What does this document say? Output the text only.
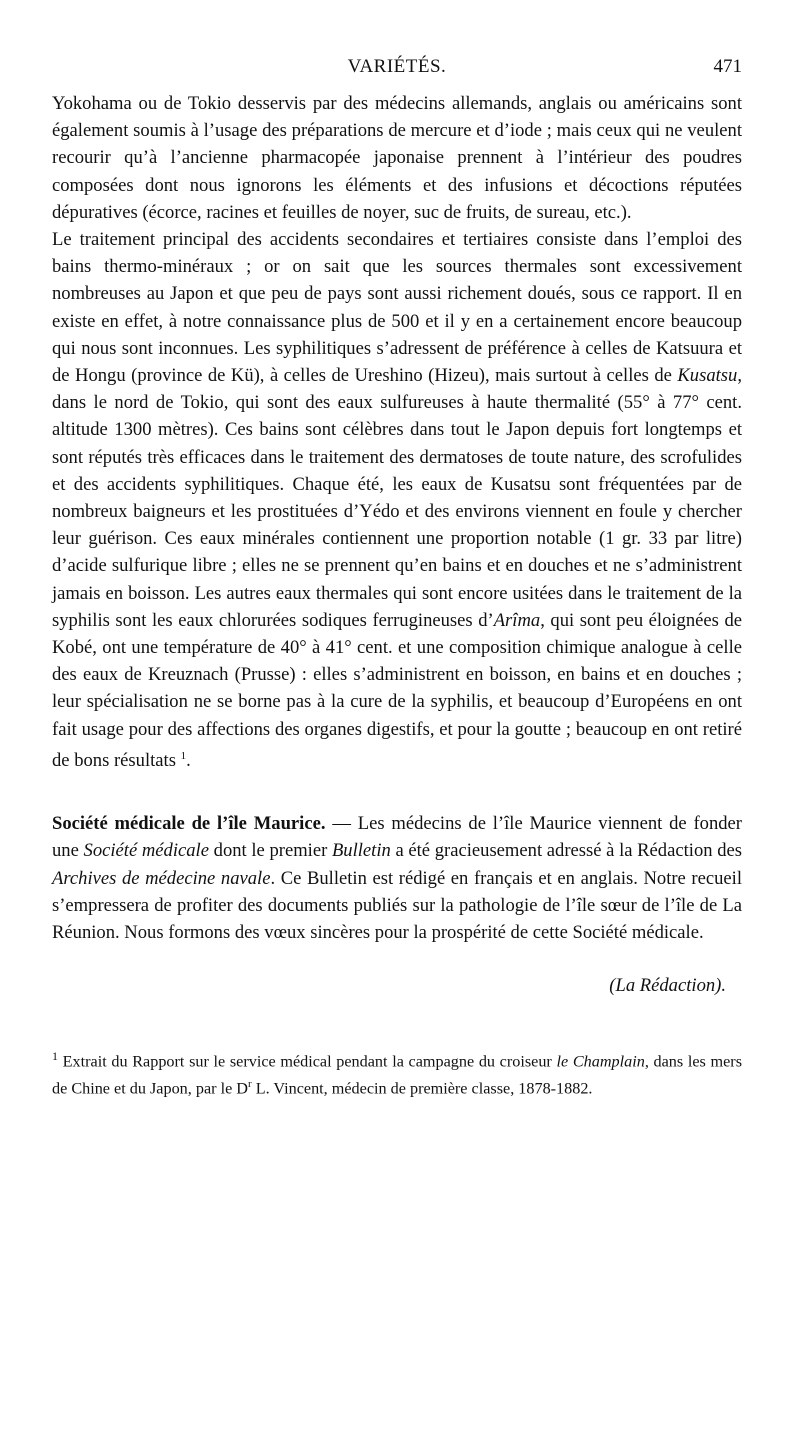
VARIÉTÉS.	471

Yokohama ou de Tokio desservis par des médecins allemands, anglais ou américains sont également soumis à l’usage des préparations de mercure et d’iode ; mais ceux qui ne veulent recourir qu’à l’ancienne pharmacopée japonaise prennent à l’intérieur des poudres composées dont nous ignorons les éléments et des infusions et décoctions réputées dépuratives (écorce, racines et feuilles de noyer, suc de fruits, de sureau, etc.).

Le traitement principal des accidents secondaires et tertiaires consiste dans l’emploi des bains thermo-minéraux ; or on sait que les sources thermales sont excessivement nombreuses au Japon et que peu de pays sont aussi richement doués, sous ce rapport. Il en existe en effet, à notre connaissance plus de 500 et il y en a certainement encore beaucoup qui nous sont inconnues. Les syphilitiques s’adressent de préférence à celles de Katsuura et de Hongu (province de Kü), à celles de Ureshino (Hizeu), mais surtout à celles de Kusatsu, dans le nord de Tokio, qui sont des eaux sulfureuses à haute thermalité (55° à 77° cent. altitude 1300 mètres). Ces bains sont célèbres dans tout le Japon depuis fort longtemps et sont réputés très efficaces dans le traitement des dermatoses de toute nature, des scrofulides et des accidents syphilitiques. Chaque été, les eaux de Kusatsu sont fréquentées par de nombreux baigneurs et les prostituées d’Yédo et des environs viennent en foule y chercher leur guérison. Ces eaux minérales contiennent une proportion notable (1 gr. 33 par litre) d’acide sulfurique libre ; elles ne se prennent qu’en bains et en douches et ne s’administrent jamais en boisson. Les autres eaux thermales qui sont encore usitées dans le traitement de la syphilis sont les eaux chlorurées sodiques ferrugineuses d’Arîma, qui sont peu éloignées de Kobé, ont une température de 40° à 41° cent. et une composition chimique analogue à celle des eaux de Kreuznach (Prusse) : elles s’administrent en boisson, en bains et en douches ; leur spécialisation ne se borne pas à la cure de la syphilis, et beaucoup d’Européens en ont fait usage pour des affections des organes digestifs, et pour la goutte ; beaucoup en ont retiré de bons résultats $^1$.

Société médicale de l’île Maurice. — Les médecins de l’île Maurice viennent de fonder une Société médicale dont le premier Bulletin a été gracieusement adressé à la Rédaction des Archives de médecine navale. Ce Bulletin est rédigé en français et en anglais. Notre recueil s’empressera de profiter des documents publiés sur la pathologie de l’île sœur de l’île de La Réunion. Nous formons des vœux sincères pour la prospérité de cette Société médicale.

(La Rédaction).
$^1$ Extrait du Rapport sur le service médical pendant la campagne du croiseur le Champlain, dans les mers de Chine et du Japon, par le $D^r$ L. Vincent, médecin de première classe, 1878-1882.
